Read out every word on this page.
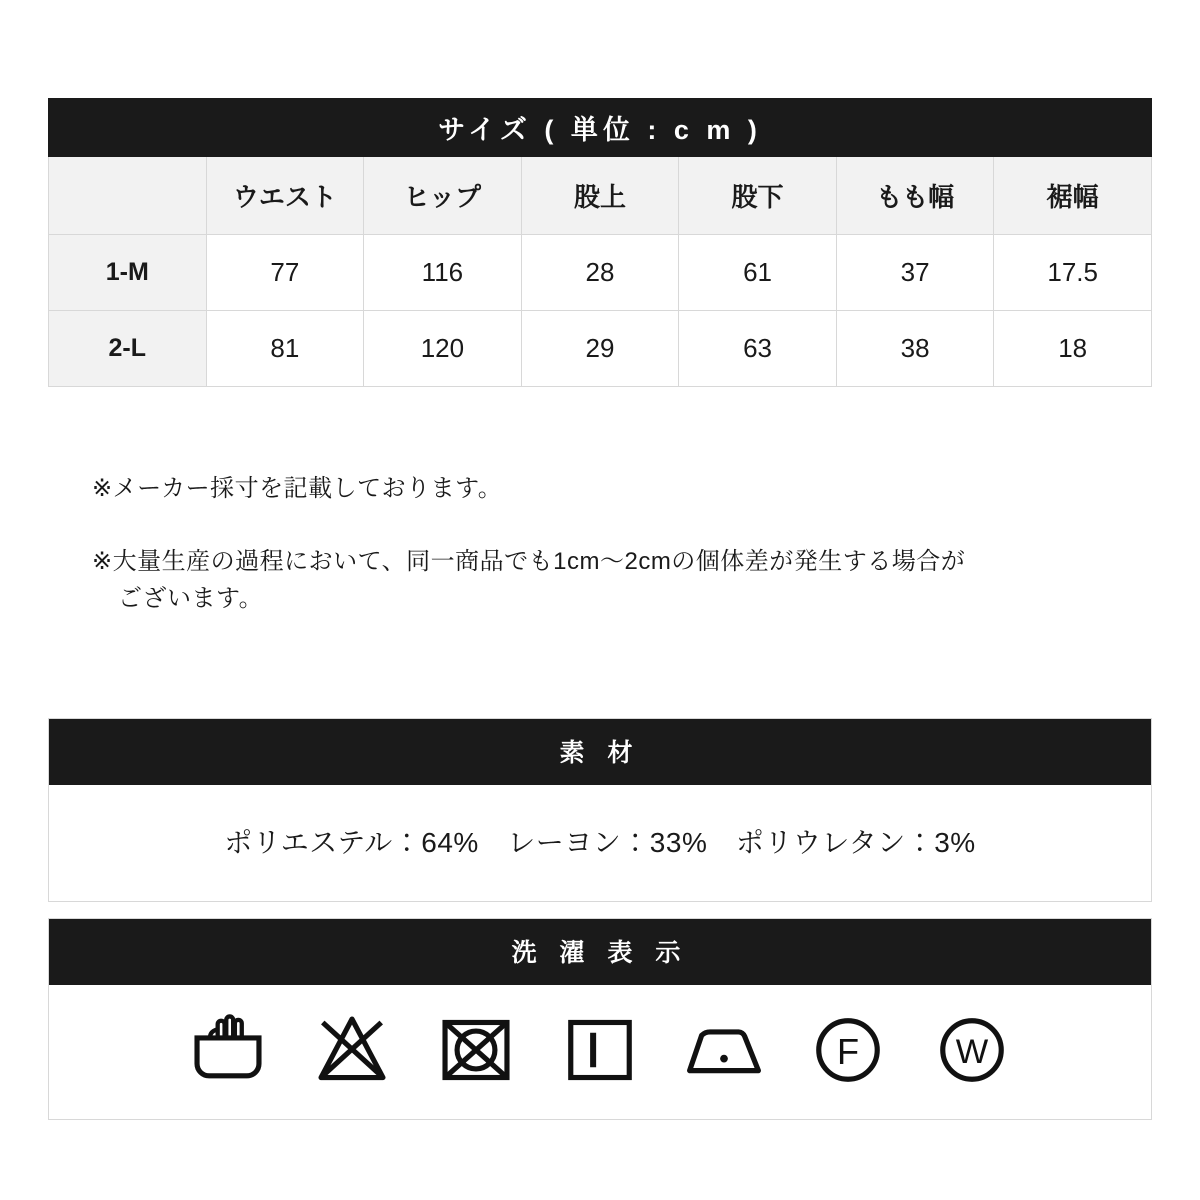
サイズ ( 単位 : c m )						
	ウエスト	ヒップ	股上	股下	もも幅	裾幅
1-M	77	116	28	61	37	17.5
2-L	81	120	29	63	38	18
※メーカー採寸を記載しております。
※大量生産の過程において、同一商品でも1cm〜2cmの個体差が発生する場合が
ございます。
素 材
ポリエステル：64%　レーヨン：33%　ポリウレタン：3%
洗 濯 表 示
F W
